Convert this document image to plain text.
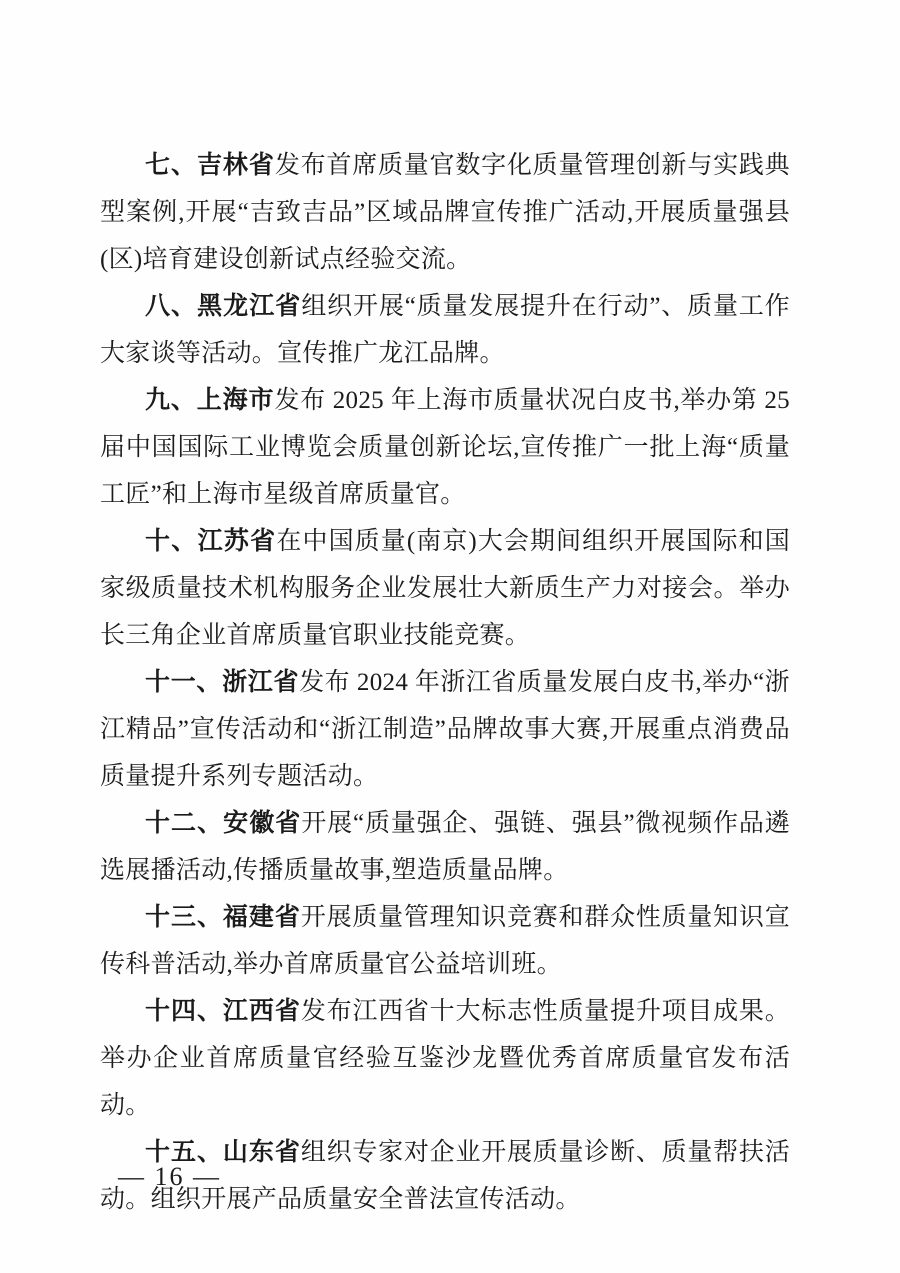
七、吉林省发布首席质量官数字化质量管理创新与实践典型案例,开展“吉致吉品”区域品牌宣传推广活动,开展质量强县(区)培育建设创新试点经验交流。

八、黑龙江省组织开展“质量发展提升在行动”、质量工作大家谈等活动。宣传推广龙江品牌。

九、上海市发布 2025 年上海市质量状况白皮书,举办第 25 届中国国际工业博览会质量创新论坛,宣传推广一批上海“质量工匠”和上海市星级首席质量官。

十、江苏省在中国质量(南京)大会期间组织开展国际和国家级质量技术机构服务企业发展壮大新质生产力对接会。举办长三角企业首席质量官职业技能竞赛。

十一、浙江省发布 2024 年浙江省质量发展白皮书,举办“浙江精品”宣传活动和“浙江制造”品牌故事大赛,开展重点消费品质量提升系列专题活动。

十二、安徽省开展“质量强企、强链、强县”微视频作品遴选展播活动,传播质量故事,塑造质量品牌。

十三、福建省开展质量管理知识竞赛和群众性质量知识宣传科普活动,举办首席质量官公益培训班。

十四、江西省发布江西省十大标志性质量提升项目成果。举办企业首席质量官经验互鉴沙龙暨优秀首席质量官发布活动。

十五、山东省组织专家对企业开展质量诊断、质量帮扶活动。组织开展产品质量安全普法宣传活动。

— 16 —
